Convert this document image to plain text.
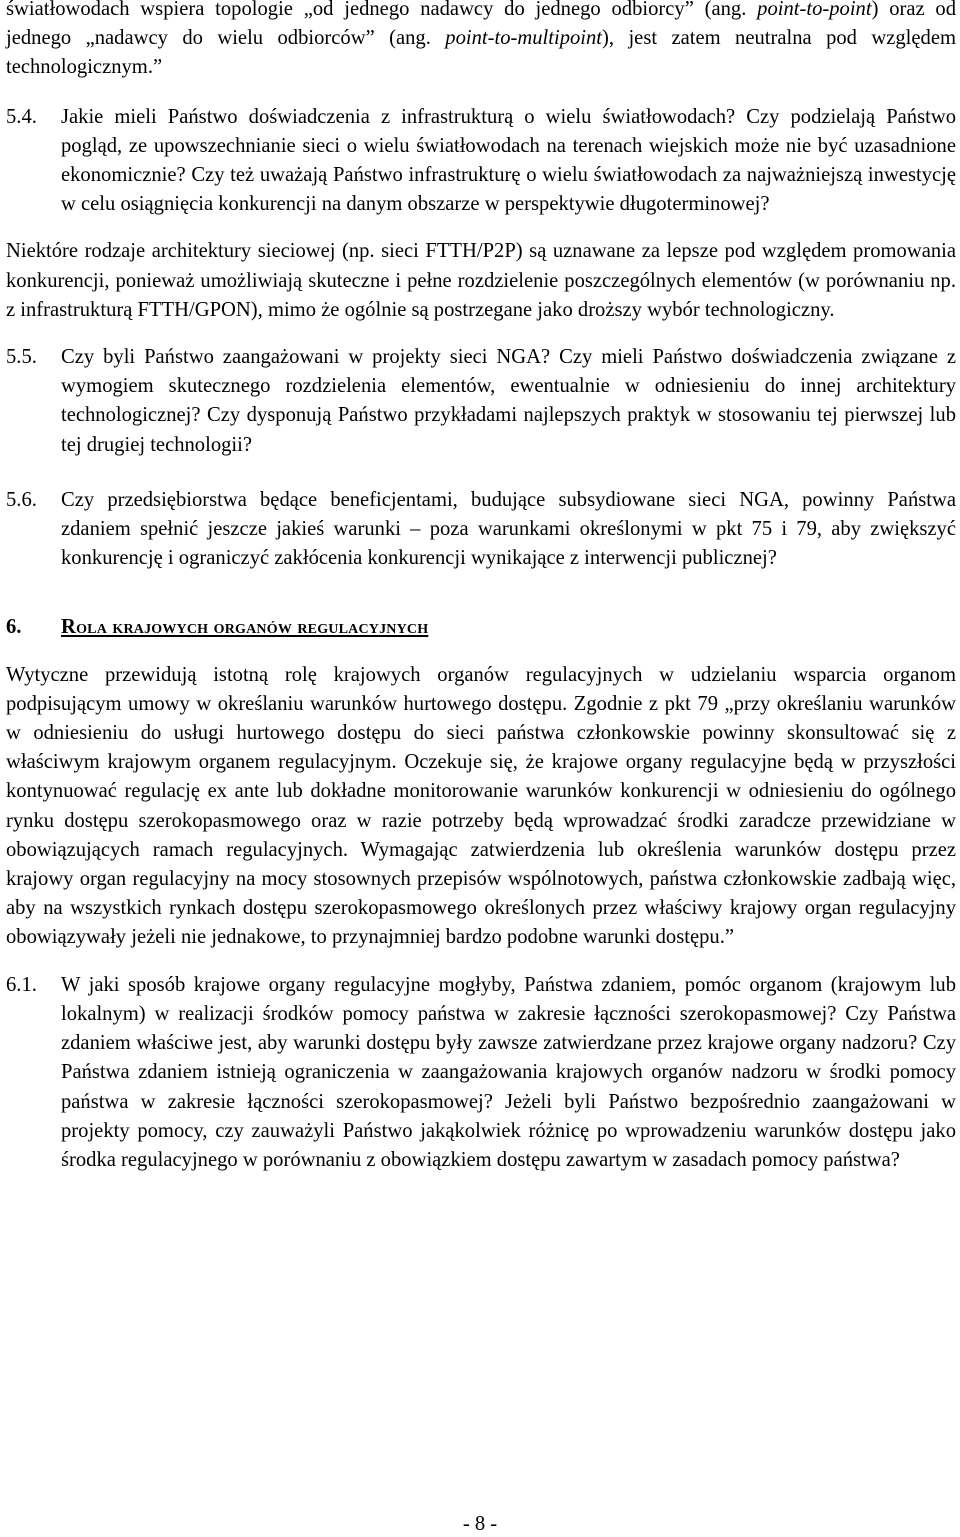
światłowodach wspiera topologie „od jednego nadawcy do jednego odbiorcy” (ang. point-to-point) oraz od jednego „nadawcy do wielu odbiorców” (ang. point-to-multipoint), jest zatem neutralna pod względem technologicznym.”

5.4.	Jakie mieli Państwo doświadczenia z infrastrukturą o wielu światłowodach? Czy podzielają Państwo pogląd, ze upowszechnianie sieci o wielu światłowodach na terenach wiejskich może nie być uzasadnione ekonomicznie? Czy też uważają Państwo infrastrukturę o wielu światłowodach za najważniejszą inwestycję w celu osiągnięcia konkurencji na danym obszarze w perspektywie długoterminowej?

Niektóre rodzaje architektury sieciowej (np. sieci FTTH/P2P) są uznawane za lepsze pod względem promowania konkurencji, ponieważ umożliwiają skuteczne i pełne rozdzielenie poszczególnych elementów (w porównaniu np. z infrastrukturą FTTH/GPON), mimo że ogólnie są postrzegane jako droższy wybór technologiczny.

5.5.	Czy byli Państwo zaangażowani w projekty sieci NGA? Czy mieli Państwo doświadczenia związane z wymogiem skutecznego rozdzielenia elementów, ewentualnie w odniesieniu do innej architektury technologicznej? Czy dysponują Państwo przykładami najlepszych praktyk w stosowaniu tej pierwszej lub tej drugiej technologii?
5.6.	Czy przedsiębiorstwa będące beneficjentami, budujące subsydiowane sieci NGA, powinny Państwa zdaniem spełnić jeszcze jakieś warunki – poza warunkami określonymi w pkt 75 i 79, aby zwiększyć konkurencję i ograniczyć zakłócenia konkurencji wynikające z interwencji publicznej?
6.	Rola krajowych organów regulacyjnych

Wytyczne przewidują istotną rolę krajowych organów regulacyjnych w udzielaniu wsparcia organom podpisującym umowy w określaniu warunków hurtowego dostępu. Zgodnie z pkt 79 „przy określaniu warunków w odniesieniu do usługi hurtowego dostępu do sieci państwa członkowskie powinny skonsultować się z właściwym krajowym organem regulacyjnym. Oczekuje się, że krajowe organy regulacyjne będą w przyszłości kontynuować regulację ex ante lub dokładne monitorowanie warunków konkurencji w odniesieniu do ogólnego rynku dostępu szerokopasmowego oraz w razie potrzeby będą wprowadzać środki zaradcze przewidziane w obowiązujących ramach regulacyjnych. Wymagając zatwierdzenia lub określenia warunków dostępu przez krajowy organ regulacyjny na mocy stosownych przepisów wspólnotowych, państwa członkowskie zadbają więc, aby na wszystkich rynkach dostępu szerokopasmowego określonych przez właściwy krajowy organ regulacyjny obowiązywały jeżeli nie jednakowe, to przynajmniej bardzo podobne warunki dostępu.”

6.1.	W jaki sposób krajowe organy regulacyjne mogłyby, Państwa zdaniem, pomóc organom (krajowym lub lokalnym) w realizacji środków pomocy państwa w zakresie łączności szerokopasmowej? Czy Państwa zdaniem właściwe jest, aby warunki dostępu były zawsze zatwierdzane przez krajowe organy nadzoru? Czy Państwa zdaniem istnieją ograniczenia w zaangażowania krajowych organów nadzoru w środki pomocy państwa w zakresie łączności szerokopasmowej? Jeżeli byli Państwo bezpośrednio zaangażowani w projekty pomocy, czy zauważyli Państwo jakąkolwiek różnicę po wprowadzeniu warunków dostępu jako środka regulacyjnego w porównaniu z obowiązkiem dostępu zawartym w zasadach pomocy państwa?
- 8 -
